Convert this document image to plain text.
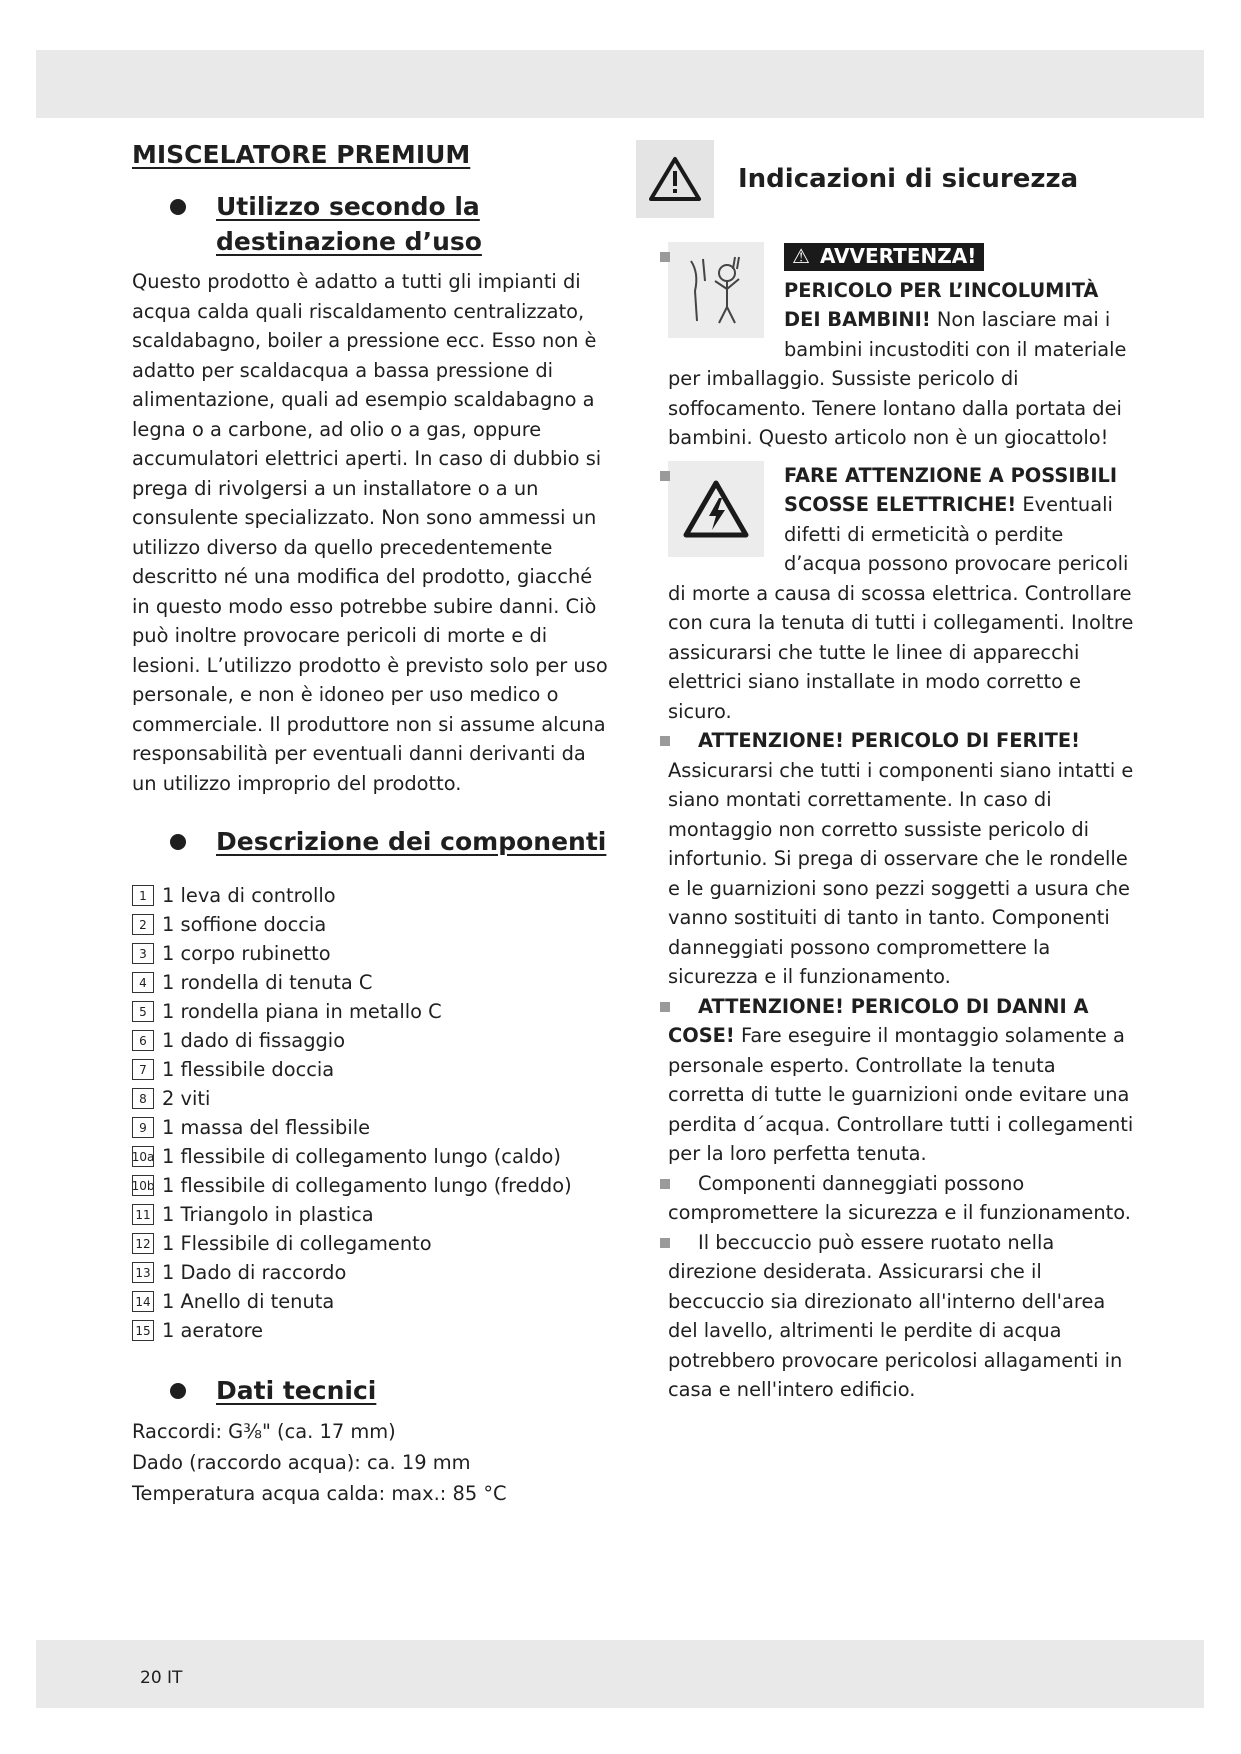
MISCELATORE PREMIUM
Utilizzo secondo la destinazione d’uso

Questo prodotto è adatto a tutti gli impianti di acqua calda quali riscaldamento centralizzato, scaldabagno, boiler a pressione ecc. Esso non è adatto per scaldacqua a bassa pressione di alimentazione, quali ad esempio scaldabagno a legna o a carbone, ad olio o a gas, oppure accumulatori elettrici aperti. In caso di dubbio si prega di rivolgersi a un installatore o a un consulente specializzato. Non sono ammessi un utilizzo diverso da quello precedentemente descritto né una modifica del prodotto, giacché in questo modo esso potrebbe subire danni. Ciò può inoltre provocare pericoli di morte e di lesioni. L’utilizzo prodotto è previsto solo per uso personale, e non è idoneo per uso medico o commerciale. Il produttore non si assume alcuna responsabilità per eventuali danni derivanti da un utilizzo improprio del prodotto.

Descrizione dei componenti
1 1 leva di controllo
2 1 soffione doccia
3 1 corpo rubinetto
4 1 rondella di tenuta C
5 1 rondella piana in metallo C
6 1 dado di fissaggio
7 1 flessibile doccia
8 2 viti
9 1 massa del flessibile
10a 1 flessibile di collegamento lungo (caldo)
10b 1 flessibile di collegamento lungo (freddo)
11 1 Triangolo in plastica
12 1 Flessibile di collegamento
13 1 Dado di raccordo
14 1 Anello di tenuta
15 1 aeratore
Dati tecnici
Raccordi: G⅜" (ca. 17 mm)
Dado (raccordo acqua): ca. 19 mm
Temperatura acqua calda: max.: 85 °C
Indicazioni di sicurezza
⚠ AVVERTENZA!
PERICOLO PER L’INCOLUMITÀ DEI BAMBINI! Non lasciare mai i bambini incustoditi con il materiale per imballaggio. Sussiste pericolo di soffocamento. Tenere lontano dalla portata dei bambini. Questo articolo non è un giocattolo!
FARE ATTENZIONE A POSSIBILI SCOSSE ELETTRICHE! Eventuali difetti di ermeticità o perdite d’acqua possono provocare pericoli di morte a causa di scossa elettrica. Controllare con cura la tenuta di tutti i collegamenti. Inoltre assicurarsi che tutte le linee di apparecchi elettrici siano installate in modo corretto e sicuro.
ATTENZIONE! PERICOLO DI FERITE!
Assicurarsi che tutti i componenti siano intatti e siano montati correttamente. In caso di montaggio non corretto sussiste pericolo di infortunio. Si prega di osservare che le rondelle e le guarnizioni sono pezzi soggetti a usura che vanno sostituiti di tanto in tanto. Componenti danneggiati possono compromettere la sicurezza e il funzionamento.
ATTENZIONE! PERICOLO DI DANNI A COSE! Fare eseguire il montaggio solamente a personale esperto. Controllate la tenuta corretta di tutte le guarnizioni onde evitare una perdita d´acqua. Controllare tutti i collegamenti per la loro perfetta tenuta.
Componenti danneggiati possono compromettere la sicurezza e il funzionamento.
Il beccuccio può essere ruotato nella direzione desiderata. Assicurarsi che il beccuccio sia direzionato all'interno dell'area del lavello, altrimenti le perdite di acqua potrebbero provocare pericolosi allagamenti in casa e nell'intero edificio.
20 IT
